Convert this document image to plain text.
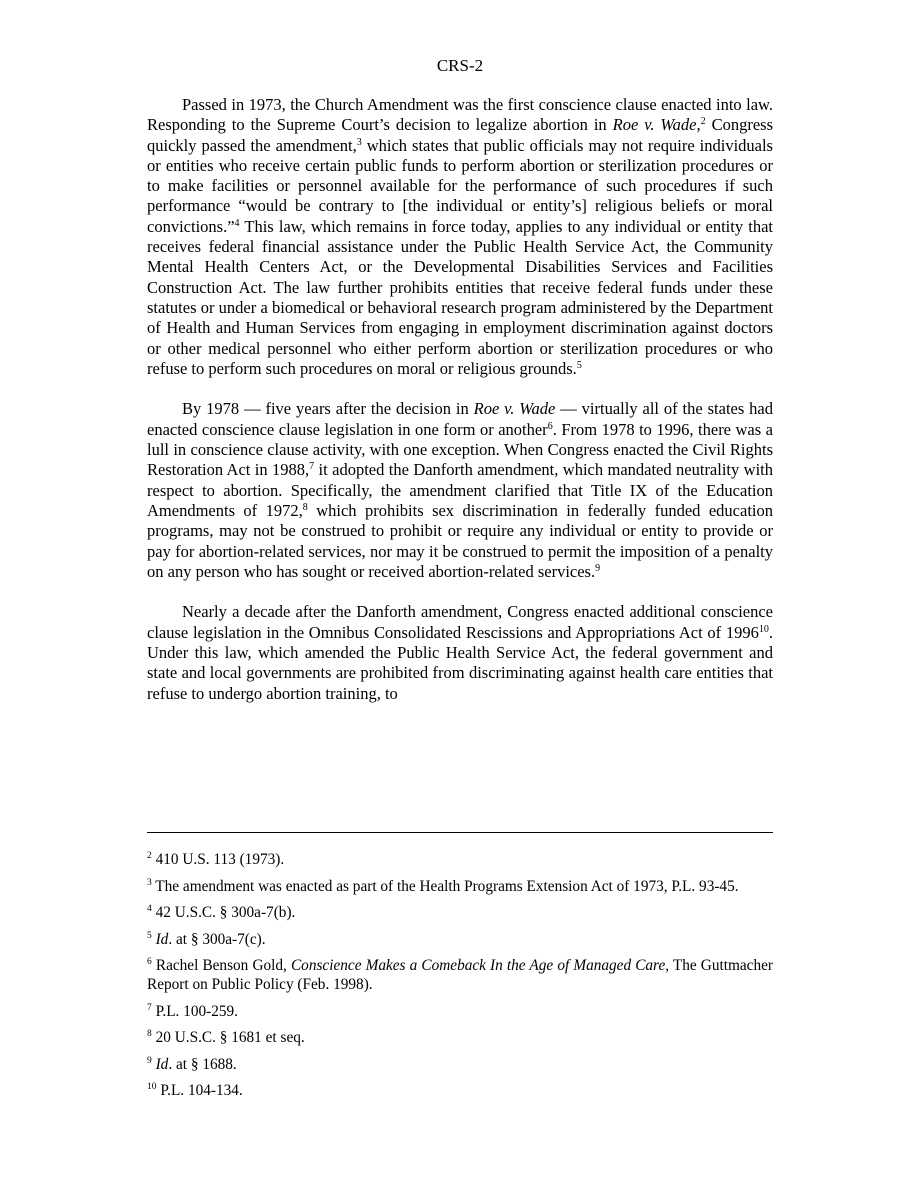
CRS-2

Passed in 1973, the Church Amendment was the first conscience clause enacted into law. Responding to the Supreme Court’s decision to legalize abortion in Roe v. Wade,$^2$ Congress quickly passed the amendment,$^3$ which states that public officials may not require individuals or entities who receive certain public funds to perform abortion or sterilization procedures or to make facilities or personnel available for the performance of such procedures if such performance “would be contrary to [the individual or entity’s] religious beliefs or moral convictions.”$^4$ This law, which remains in force today, applies to any individual or entity that receives federal financial assistance under the Public Health Service Act, the Community Mental Health Centers Act, or the Developmental Disabilities Services and Facilities Construction Act. The law further prohibits entities that receive federal funds under these statutes or under a biomedical or behavioral research program administered by the Department of Health and Human Services from engaging in employment discrimination against doctors or other medical personnel who either perform abortion or sterilization procedures or who refuse to perform such procedures on moral or religious grounds.$^5$

By 1978 — five years after the decision in Roe v. Wade — virtually all of the states had enacted conscience clause legislation in one form or another$^6$. From 1978 to 1996, there was a lull in conscience clause activity, with one exception. When Congress enacted the Civil Rights Restoration Act in 1988,$^7$ it adopted the Danforth amendment, which mandated neutrality with respect to abortion. Specifically, the amendment clarified that Title IX of the Education Amendments of 1972,$^8$ which prohibits sex discrimination in federally funded education programs, may not be construed to prohibit or require any individual or entity to provide or pay for abortion-related services, nor may it be construed to permit the imposition of a penalty on any person who has sought or received abortion-related services.$^9$

Nearly a decade after the Danforth amendment, Congress enacted additional conscience clause legislation in the Omnibus Consolidated Rescissions and Appropriations Act of 1996$^{10}$. Under this law, which amended the Public Health Service Act, the federal government and state and local governments are prohibited from discriminating against health care entities that refuse to undergo abortion training, to

$^2$ 410 U.S. 113 (1973).
$^3$ The amendment was enacted as part of the Health Programs Extension Act of 1973, P.L. 93-45.
$^4$ 42 U.S.C. § 300a-7(b).
$^5$ Id. at § 300a-7(c).
$^6$ Rachel Benson Gold, Conscience Makes a Comeback In the Age of Managed Care, The Guttmacher Report on Public Policy (Feb. 1998).
$^7$ P.L. 100-259.
$^8$ 20 U.S.C. § 1681 et seq.
$^9$ Id. at § 1688.
$^{10}$ P.L. 104-134.
